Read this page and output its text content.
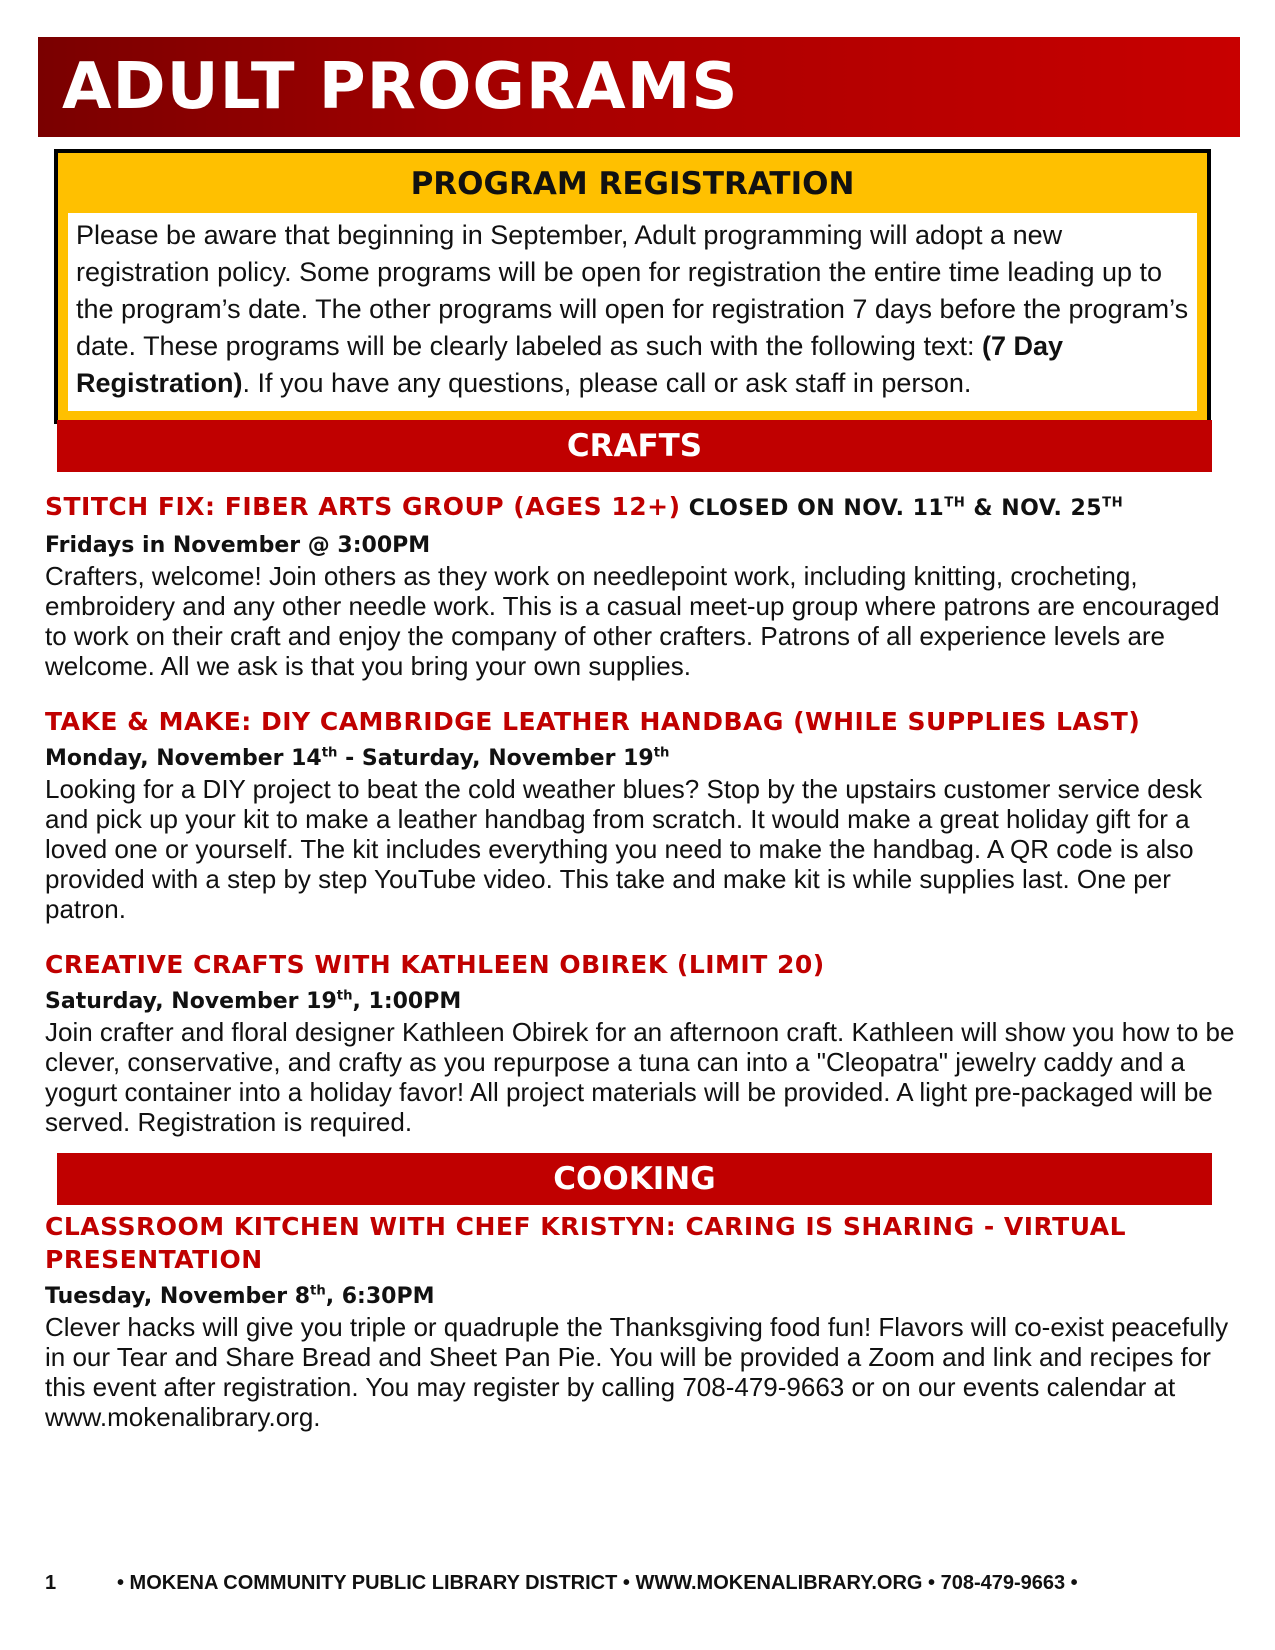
ADULT PROGRAMS
PROGRAM REGISTRATION

Please be aware that beginning in September, Adult programming will adopt a new registration policy. Some programs will be open for registration the entire time leading up to the program’s date. The other programs will open for registration 7 days before the program’s date. These programs will be clearly labeled as such with the following text: (7 Day Registration). If you have any questions, please call or ask staff in person.

CRAFTS
STITCH FIX: FIBER ARTS GROUP (AGES 12+) CLOSED ON NOV. 11TH & NOV. 25TH

Fridays in November @ 3:00PM

Crafters, welcome! Join others as they work on needlepoint work, including knitting, crocheting, embroidery and any other needle work. This is a casual meet-up group where patrons are encouraged to work on their craft and enjoy the company of other crafters. Patrons of all experience levels are welcome. All we ask is that you bring your own supplies.

TAKE & MAKE: DIY CAMBRIDGE LEATHER HANDBAG (WHILE SUPPLIES LAST)

Monday, November 14th - Saturday, November 19th

Looking for a DIY project to beat the cold weather blues? Stop by the upstairs customer service desk and pick up your kit to make a leather handbag from scratch. It would make a great holiday gift for a loved one or yourself. The kit includes everything you need to make the handbag. A QR code is also provided with a step by step YouTube video. This take and make kit is while supplies last. One per patron.

CREATIVE CRAFTS WITH KATHLEEN OBIREK (LIMIT 20)

Saturday, November 19th, 1:00PM

Join crafter and floral designer Kathleen Obirek for an afternoon craft. Kathleen will show you how to be clever, conservative, and crafty as you repurpose a tuna can into a "Cleopatra" jewelry caddy and a yogurt container into a holiday favor! All project materials will be provided. A light pre-packaged will be served. Registration is required.

COOKING
CLASSROOM KITCHEN WITH CHEF KRISTYN: CARING IS SHARING - VIRTUAL PRESENTATION

Tuesday, November 8th, 6:30PM

Clever hacks will give you triple or quadruple the Thanksgiving food fun! Flavors will co-exist peacefully in our Tear and Share Bread and Sheet Pan Pie. You will be provided a Zoom and link and recipes for this event after registration. You may register by calling 708-479-9663 or on our events calendar at www.mokenalibrary.org.

1	• MOKENA COMMUNITY PUBLIC LIBRARY DISTRICT • WWW.MOKENALIBRARY.ORG • 708-479-9663 •
